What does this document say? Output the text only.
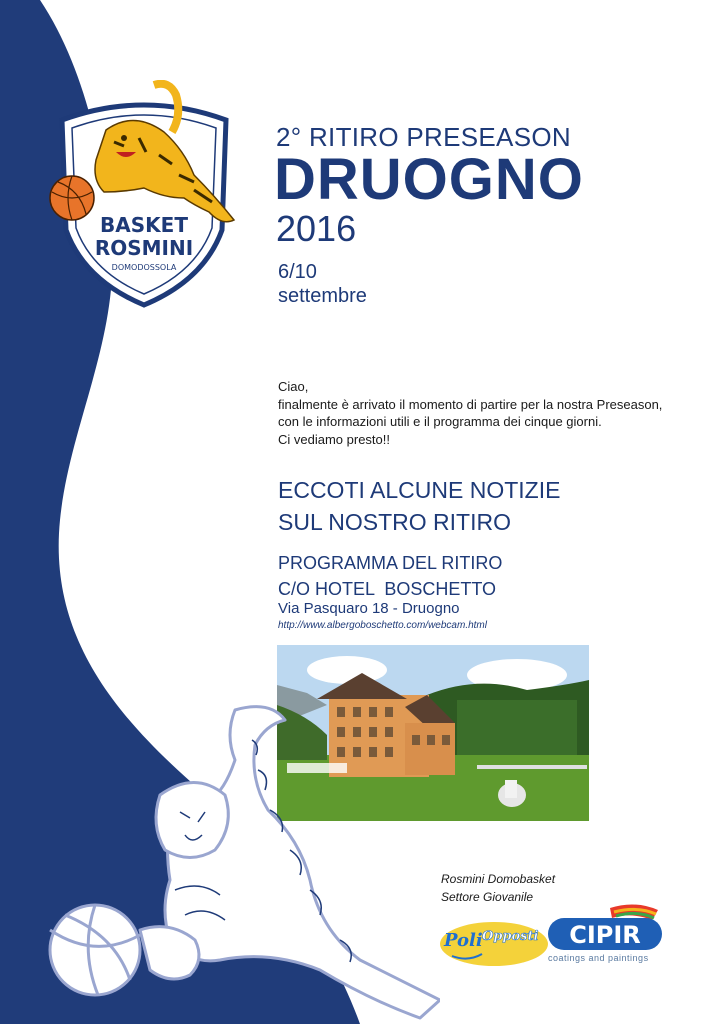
BASKET
ROSMINI
DOMODOSSOLA
2° RITIRO PRESEASON
DRUOGNO
2016
6/10
settembre
Ciao,
finalmente è arrivato il momento di partire per la nostra Preseason,
con le informazioni utili e il programma dei cinque giorni.
Ci vediamo presto!!
ECCOTI ALCUNE NOTIZIE
SUL NOSTRO RITIRO
PROGRAMMA DEL RITIRO
C/O HOTEL  BOSCHETTO
Via Pasquaro 18 - Druogno
http://www.albergoboschetto.com/webcam.html
Rosmini Domobasket
Settore Giovanile
Poli Opposti CIPIR
coatings and paintings
